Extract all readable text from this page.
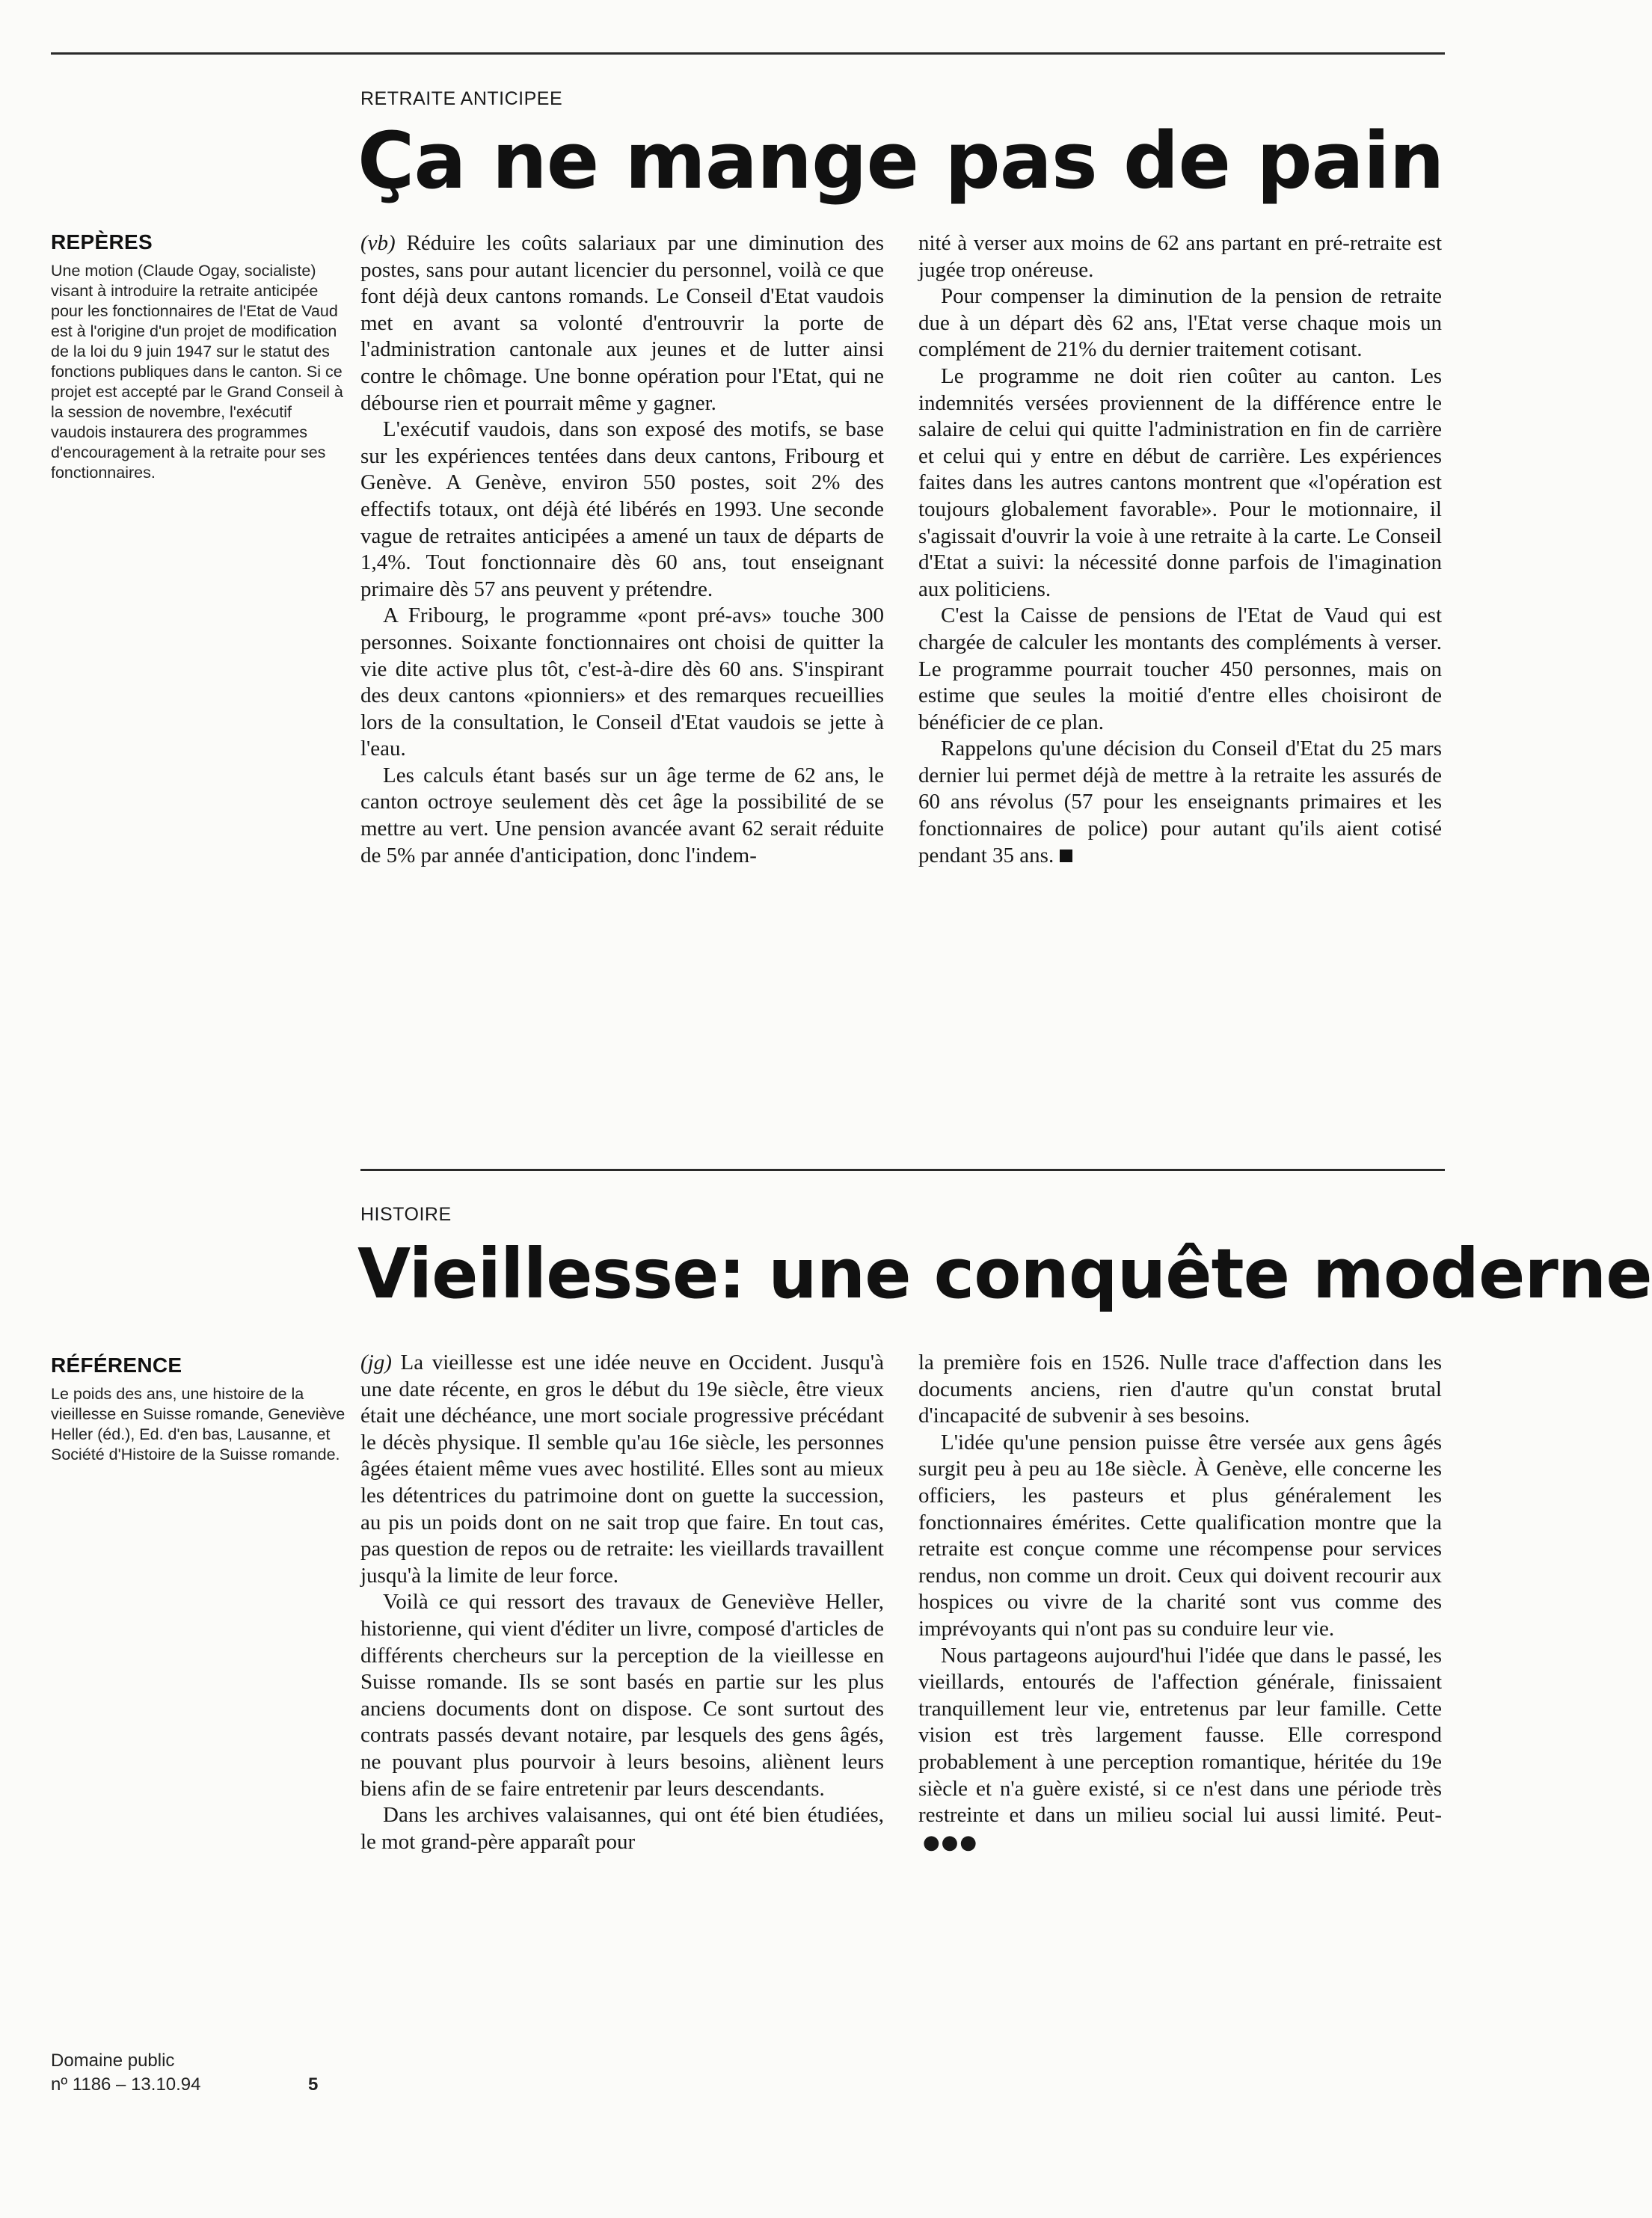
RETRAITE ANTICIPEE
Ça ne mange pas de pain
REPÈRES

Une motion (Claude Ogay, socialiste) visant à introduire la retraite anticipée pour les fonctionnaires de l'Etat de Vaud est à l'origine d'un projet de modification de la loi du 9 juin 1947 sur le statut des fonctions publiques dans le canton. Si ce projet est accepté par le Grand Conseil à la session de novembre, l'exécutif vaudois instaurera des programmes d'encouragement à la retraite pour ses fonctionnaires.

(vb) Réduire les coûts salariaux par une diminution des postes, sans pour autant licencier du personnel, voilà ce que font déjà deux cantons romands. Le Conseil d'Etat vaudois met en avant sa volonté d'entrouvrir la porte de l'administration cantonale aux jeunes et de lutter ainsi contre le chômage. Une bonne opération pour l'Etat, qui ne débourse rien et pourrait même y gagner.

L'exécutif vaudois, dans son exposé des motifs, se base sur les expériences tentées dans deux cantons, Fribourg et Genève. A Genève, environ 550 postes, soit 2% des effectifs totaux, ont déjà été libérés en 1993. Une seconde vague de retraites anticipées a amené un taux de départs de 1,4%. Tout fonctionnaire dès 60 ans, tout enseignant primaire dès 57 ans peuvent y prétendre.

A Fribourg, le programme «pont pré-avs» touche 300 personnes. Soixante fonctionnaires ont choisi de quitter la vie dite active plus tôt, c'est-à-dire dès 60 ans. S'inspirant des deux cantons «pionniers» et des remarques recueillies lors de la consultation, le Conseil d'Etat vaudois se jette à l'eau.

Les calculs étant basés sur un âge terme de 62 ans, le canton octroye seulement dès cet âge la possibilité de se mettre au vert. Une pension avancée avant 62 serait réduite de 5% par année d'anticipation, donc l'indem-

nité à verser aux moins de 62 ans partant en pré-retraite est jugée trop onéreuse.

Pour compenser la diminution de la pension de retraite due à un départ dès 62 ans, l'Etat verse chaque mois un complément de 21% du dernier traitement cotisant.

Le programme ne doit rien coûter au canton. Les indemnités versées proviennent de la différence entre le salaire de celui qui quitte l'administration en fin de carrière et celui qui y entre en début de carrière. Les expériences faites dans les autres cantons montrent que «l'opération est toujours globalement favorable». Pour le motionnaire, il s'agissait d'ouvrir la voie à une retraite à la carte. Le Conseil d'Etat a suivi: la nécessité donne parfois de l'imagination aux politiciens.

C'est la Caisse de pensions de l'Etat de Vaud qui est chargée de calculer les montants des compléments à verser. Le programme pourrait toucher 450 personnes, mais on estime que seules la moitié d'entre elles choisiront de bénéficier de ce plan.

Rappelons qu'une décision du Conseil d'Etat du 25 mars dernier lui permet déjà de mettre à la retraite les assurés de 60 ans révolus (57 pour les enseignants primaires et les fonctionnaires de police) pour autant qu'ils aient cotisé pendant 35 ans.

HISTOIRE
Vieillesse: une conquête moderne
RÉFÉRENCE

Le poids des ans, une histoire de la vieillesse en Suisse romande, Geneviève Heller (éd.), Ed. d'en bas, Lausanne, et Société d'Histoire de la Suisse romande.

(jg) La vieillesse est une idée neuve en Occident. Jusqu'à une date récente, en gros le début du 19e siècle, être vieux était une déchéance, une mort sociale progressive précédant le décès physique. Il semble qu'au 16e siècle, les personnes âgées étaient même vues avec hostilité. Elles sont au mieux les détentrices du patrimoine dont on guette la succession, au pis un poids dont on ne sait trop que faire. En tout cas, pas question de repos ou de retraite: les vieillards travaillent jusqu'à la limite de leur force.

Voilà ce qui ressort des travaux de Geneviève Heller, historienne, qui vient d'éditer un livre, composé d'articles de différents chercheurs sur la perception de la vieillesse en Suisse romande. Ils se sont basés en partie sur les plus anciens documents dont on dispose. Ce sont surtout des contrats passés devant notaire, par lesquels des gens âgés, ne pouvant plus pourvoir à leurs besoins, aliènent leurs biens afin de se faire entretenir par leurs descendants.

Dans les archives valaisannes, qui ont été bien étudiées, le mot grand-père apparaît pour

la première fois en 1526. Nulle trace d'affection dans les documents anciens, rien d'autre qu'un constat brutal d'incapacité de subvenir à ses besoins.

L'idée qu'une pension puisse être versée aux gens âgés surgit peu à peu au 18e siècle. À Genève, elle concerne les officiers, les pasteurs et plus généralement les fonctionnaires émérites. Cette qualification montre que la retraite est conçue comme une récompense pour services rendus, non comme un droit. Ceux qui doivent recourir aux hospices ou vivre de la charité sont vus comme des imprévoyants qui n'ont pas su conduire leur vie.

Nous partageons aujourd'hui l'idée que dans le passé, les vieillards, entourés de l'affection générale, finissaient tranquillement leur vie, entretenus par leur famille. Cette vision est très largement fausse. Elle correspond probablement à une perception romantique, héritée du 19e siècle et n'a guère existé, si ce n'est dans une période très restreinte et dans un milieu social lui aussi limité. Peut-●●●

Domaine public
nº 1186 – 13.10.94	5
